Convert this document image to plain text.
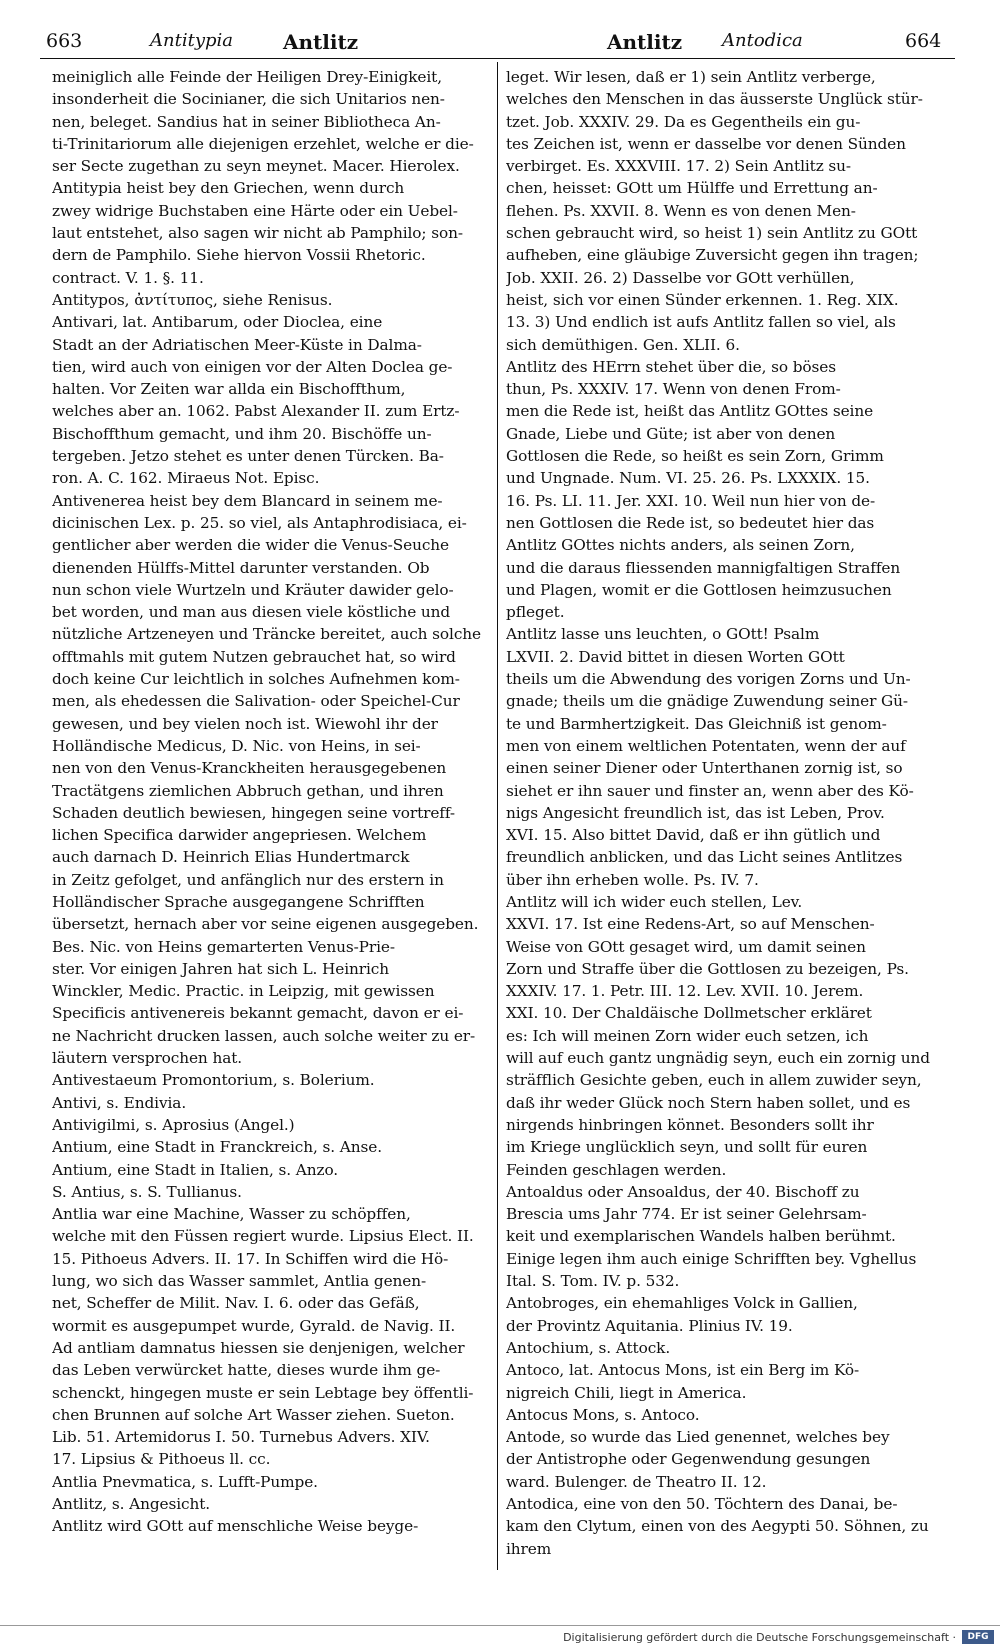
663	Antitypia	Antlitz	Antlitz Antodica	664
meiniglich alle Feinde der Heiligen Drey-Einigkeit,
insonderheit die Socinianer, die sich Unitarios nen-
nen, beleget. Sandius hat in seiner Bibliotheca An-
ti-Trinitariorum alle diejenigen erzehlet, welche er die-
ser Secte zugethan zu seyn meynet. Macer. Hierolex.
Antitypia heist bey den Griechen, wenn durch
zwey widrige Buchstaben eine Härte oder ein Uebel-
laut entstehet, also sagen wir nicht ab Pamphilo; son-
dern de Pamphilo. Siehe hiervon Vossii Rhetoric.
contract. V. 1. §. 11.
Antitypos, ἀντίτυπος, siehe Renisus.
Antivari, lat. Antibarum, oder Dioclea, eine
Stadt an der Adriatischen Meer-Küste in Dalma-
tien, wird auch von einigen vor der Alten Doclea ge-
halten. Vor Zeiten war allda ein Bischoffthum,
welches aber an. 1062. Pabst Alexander II. zum Ertz-
Bischoffthum gemacht, und ihm 20. Bischöffe un-
tergeben. Jetzo stehet es unter denen Türcken. Ba-
ron. A. C. 162. Miraeus Not. Episc.
Antivenerea heist bey dem Blancard in seinem me-
dicinischen Lex. p. 25. so viel, als Antaphrodisiaca, ei-
gentlicher aber werden die wider die Venus-Seuche
dienenden Hülffs-Mittel darunter verstanden. Ob
nun schon viele Wurtzeln und Kräuter dawider gelo-
bet worden, und man aus diesen viele köstliche und
nützliche Artzeneyen und Träncke bereitet, auch solche
offtmahls mit gutem Nutzen gebrauchet hat, so wird
doch keine Cur leichtlich in solches Aufnehmen kom-
men, als ehedessen die Salivation- oder Speichel-Cur
gewesen, und bey vielen noch ist. Wiewohl ihr der
Holländische Medicus, D. Nic. von Heins, in sei-
nen von den Venus-Kranckheiten herausgegebenen
Tractätgens ziemlichen Abbruch gethan, und ihren
Schaden deutlich bewiesen, hingegen seine vortreff-
lichen Specifica darwider angepriesen. Welchem
auch darnach D. Heinrich Elias Hundertmarck
in Zeitz gefolget, und anfänglich nur des erstern in
Holländischer Sprache ausgegangene Schrifften
übersetzt, hernach aber vor seine eigenen ausgegeben.
Bes. Nic. von Heins gemarterten Venus-Prie-
ster. Vor einigen Jahren hat sich L. Heinrich
Winckler, Medic. Practic. in Leipzig, mit gewissen
Specificis antivenereis bekannt gemacht, davon er ei-
ne Nachricht drucken lassen, auch solche weiter zu er-
läutern versprochen hat.
Antivestaeum Promontorium, s. Bolerium.
Antivi, s. Endivia.
Antivigilmi, s. Aprosius (Angel.)
Antium, eine Stadt in Franckreich, s. Anse.
Antium, eine Stadt in Italien, s. Anzo.
S. Antius, s. S. Tullianus.
Antlia war eine Machine, Wasser zu schöpffen,
welche mit den Füssen regiert wurde. Lipsius Elect. II.
15. Pithoeus Advers. II. 17. In Schiffen wird die Hö-
lung, wo sich das Wasser sammlet, Antlia genen-
net, Scheffer de Milit. Nav. I. 6. oder das Gefäß,
wormit es ausgepumpet wurde, Gyrald. de Navig. II.
Ad antliam damnatus hiessen sie denjenigen, welcher
das Leben verwürcket hatte, dieses wurde ihm ge-
schenckt, hingegen muste er sein Lebtage bey öffentli-
chen Brunnen auf solche Art Wasser ziehen. Sueton.
Lib. 51. Artemidorus I. 50. Turnebus Advers. XIV.
17. Lipsius & Pithoeus ll. cc.
Antlia Pnevmatica, s. Lufft-Pumpe.
Antlitz, s. Angesicht.
Antlitz wird GOtt auf menschliche Weise beyge-
leget. Wir lesen, daß er 1) sein Antlitz verberge,
welches den Menschen in das äusserste Unglück stür-
tzet. Job. XXXIV. 29. Da es Gegentheils ein gu-
tes Zeichen ist, wenn er dasselbe vor denen Sünden
verbirget. Es. XXXVIII. 17. 2) Sein Antlitz su-
chen, heisset: GOtt um Hülffe und Errettung an-
flehen. Ps. XXVII. 8. Wenn es von denen Men-
schen gebraucht wird, so heist 1) sein Antlitz zu GOtt
aufheben, eine gläubige Zuversicht gegen ihn tragen;
Job. XXII. 26. 2) Dasselbe vor GOtt verhüllen,
heist, sich vor einen Sünder erkennen. 1. Reg. XIX.
13. 3) Und endlich ist aufs Antlitz fallen so viel, als
sich demüthigen. Gen. XLII. 6.
Antlitz des HErrn stehet über die, so böses
thun, Ps. XXXIV. 17. Wenn von denen From-
men die Rede ist, heißt das Antlitz GOttes seine
Gnade, Liebe und Güte; ist aber von denen
Gottlosen die Rede, so heißt es sein Zorn, Grimm
und Ungnade. Num. VI. 25. 26. Ps. LXXXIX. 15.
16. Ps. LI. 11. Jer. XXI. 10. Weil nun hier von de-
nen Gottlosen die Rede ist, so bedeutet hier das
Antlitz GOttes nichts anders, als seinen Zorn,
und die daraus fliessenden mannigfaltigen Straffen
und Plagen, womit er die Gottlosen heimzusuchen
pfleget.
Antlitz lasse uns leuchten, o GOtt! Psalm
LXVII. 2. David bittet in diesen Worten GOtt
theils um die Abwendung des vorigen Zorns und Un-
gnade; theils um die gnädige Zuwendung seiner Gü-
te und Barmhertzigkeit. Das Gleichniß ist genom-
men von einem weltlichen Potentaten, wenn der auf
einen seiner Diener oder Unterthanen zornig ist, so
siehet er ihn sauer und finster an, wenn aber des Kö-
nigs Angesicht freundlich ist, das ist Leben, Prov.
XVI. 15. Also bittet David, daß er ihn gütlich und
freundlich anblicken, und das Licht seines Antlitzes
über ihn erheben wolle. Ps. IV. 7.
Antlitz will ich wider euch stellen, Lev.
XXVI. 17. Ist eine Redens-Art, so auf Menschen-
Weise von GOtt gesaget wird, um damit seinen
Zorn und Straffe über die Gottlosen zu bezeigen, Ps.
XXXIV. 17. 1. Petr. III. 12. Lev. XVII. 10. Jerem.
XXI. 10. Der Chaldäische Dollmetscher erkläret
es: Ich will meinen Zorn wider euch setzen, ich
will auf euch gantz ungnädig seyn, euch ein zornig und
sträfflich Gesichte geben, euch in allem zuwider seyn,
daß ihr weder Glück noch Stern haben sollet, und es
nirgends hinbringen könnet. Besonders sollt ihr
im Kriege unglücklich seyn, und sollt für euren
Feinden geschlagen werden.
Antoaldus oder Ansoaldus, der 40. Bischoff zu
Brescia ums Jahr 774. Er ist seiner Gelehrsam-
keit und exemplarischen Wandels halben berühmt.
Einige legen ihm auch einige Schrifften bey. Vghellus
Ital. S. Tom. IV. p. 532.
Antobroges, ein ehemahliges Volck in Gallien,
der Provintz Aquitania. Plinius IV. 19.
Antochium, s. Attock.
Antoco, lat. Antocus Mons, ist ein Berg im Kö-
nigreich Chili, liegt in America.
Antocus Mons, s. Antoco.
Antode, so wurde das Lied genennet, welches bey
der Antistrophe oder Gegenwendung gesungen
ward. Bulenger. de Theatro II. 12.
Antodica, eine von den 50. Töchtern des Danai, be-
kam den Clytum, einen von des Aegypti 50. Söhnen, zu
ihrem
Digitalisierung gefördert durch die Deutsche Forschungsgemeinschaft ·	DFG
